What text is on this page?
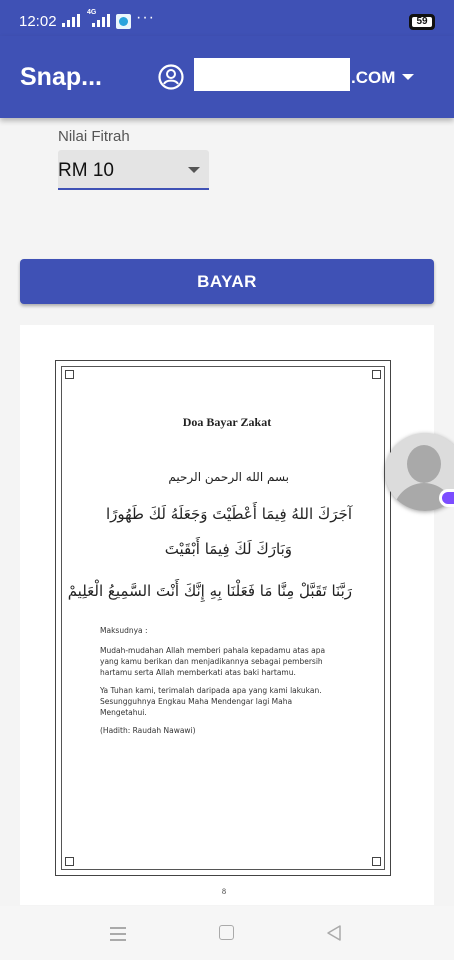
12:02
4G ···	59
Snap...	.COM
Nilai Fitrah
RM 10
BAYAR
Doa Bayar Zakat
بسم الله الرحمن الرحيم
آجَرَكَ اللهُ فِيمَا أَعْطَيْتَ وَجَعَلَهُ لَكَ طَهُورًا
وَبَارَكَ لَكَ فِيمَا أَبْقَيْتَ
رَبَّنَا تَقَبَّلْ مِنَّا مَا فَعَلْنَا بِهِ إِنَّكَ أَنْتَ السَّمِيعُ الْعَلِيمْ
Maksudnya :
Mudah-mudahan Allah memberi pahala kepadamu atas apa
yang kamu berikan dan menjadikannya sebagai pembersih
hartamu serta Allah memberkati atas baki hartamu.
Ya Tuhan kami, terimalah daripada apa yang kami lakukan.
Sesungguhnya Engkau Maha Mendengar lagi Maha
Mengetahui.
(Hadith: Raudah Nawawi)
8
